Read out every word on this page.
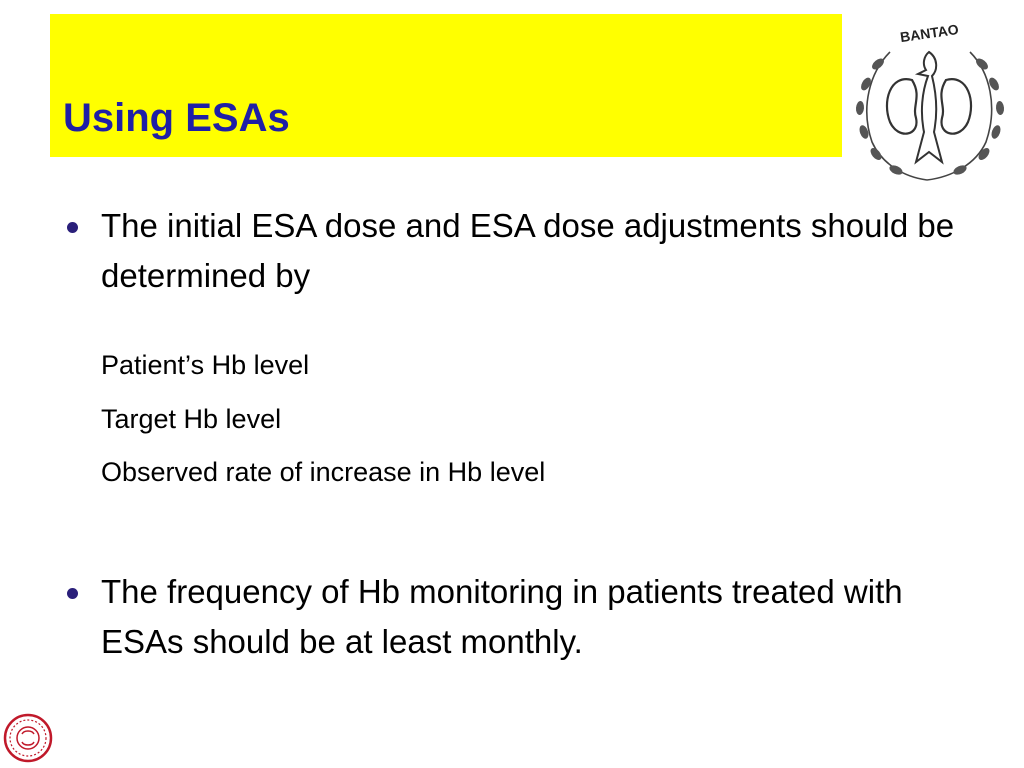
Using ESAs
BANTAO

The initial ESA dose and ESA dose adjustments should be determined by

Patient’s Hb level

Target Hb level

Observed rate of increase in Hb level

The frequency of Hb monitoring in patients treated with ESAs should be at least monthly.
